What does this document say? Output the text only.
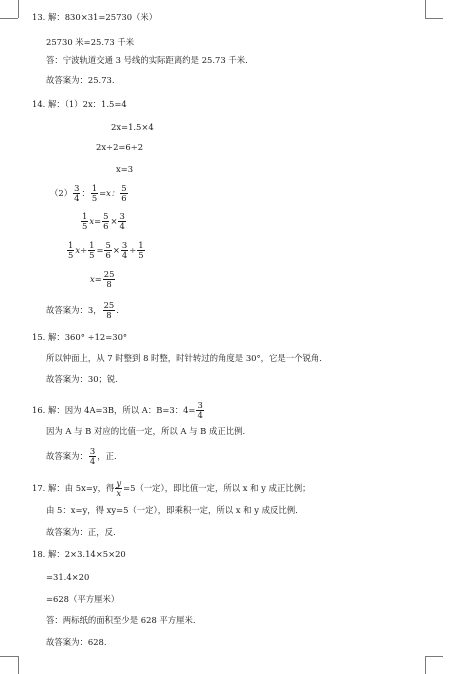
13. 解：830×31=25730（米）
25730 米=25.73 千米
答：宁波轨道交通 3 号线的实际距离约是 25.73 千米.
故答案为：25.73.
14. 解：（1）2x：1.5=4
2x=1.5×4
2x÷2=6÷2
x=3
$(2) \frac{3}{4}$ ： $\frac{1}{5} =x$： $\frac{5}{6}$
$\frac{1}{5} x= \frac{5}{6} \times \frac{3}{4}$
$\frac{1}{5} x\div \frac{1}{5} = \frac{5}{6} \times \frac{3}{4} \div \frac{1}{5}$
$x= \frac{25}{8}$
故答案为：3， $\frac{25}{8}$ .
15. 解：360° ÷12=30°
所以钟面上，从 7 时整到 8 时整，时针转过的角度是 30°，它是一个锐角.
故答案为：30；锐.
16. 解：因为 4A=3B，所以 A：B=3：$4= \frac{3}{4}$
因为 A 与 B 对应的比值一定，所以 A 与 B 成正比例.
故答案为： $\frac{3}{4}$ ，正.
17. 解：由 5x=y，得 $\frac{y}{x} =5$（一定），即比值一定，所以 x 和 y 成正比例；
由 5：x=y，得 xy=5（一定），即乘积一定，所以 x 和 y 成反比例.
故答案为：正，反.
18. 解：2×3.14×5×20
=31.4×20
=628（平方厘米）
答：两标纸的面积至少是 628 平方厘米.
故答案为：628.
